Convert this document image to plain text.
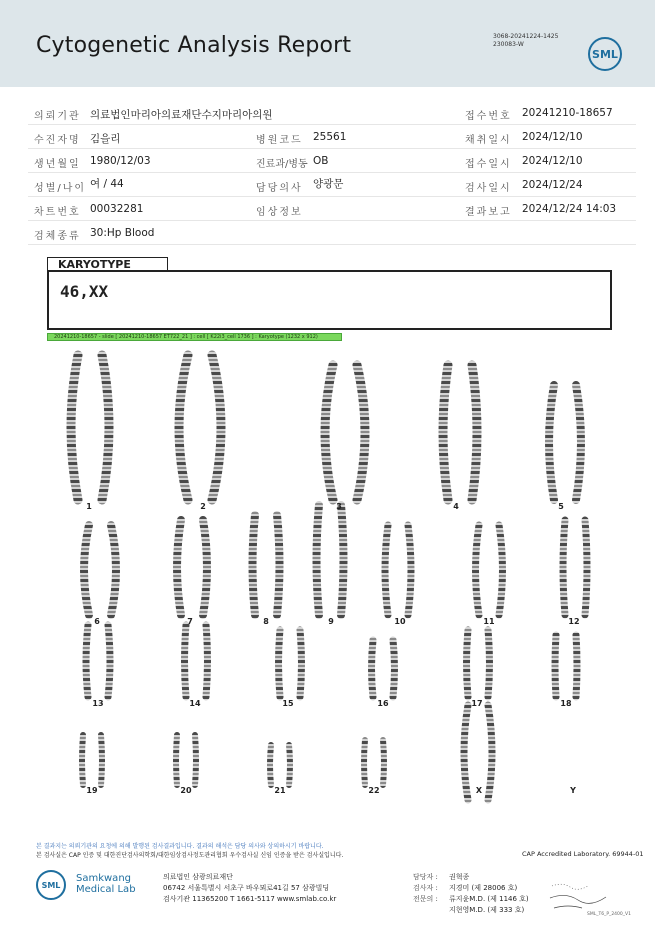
Cytogenetic Analysis Report	3068-20241224-1425
230083-W
SML
의뢰기관 의료법인마리아의료재단수지마리아의원	접수번호 20241210-18657
수진자명 김을리	병원코드 25561	채취일시 2024/12/10
생년월일 1980/12/03	진료과/병동 OB	접수일시 2024/12/10
성별/나이 여 / 44	담당의사 양광문	검사일시 2024/12/24
차트번호 00032281	임상정보	결과보고 2024/12/24 14:03
검체종류 30:Hp Blood
KARYOTYPE
46,XX
20241210-18657 - slide [ 20241210-18657 ET722_21 ] : cell [ K22i3_cell 1736 ] : Karyotype (1232 x 912)
1	2	3	4	5
6	7	8	9	10	11	12
13	14	15	16	17	18
19	20	21	22	X	Y
본 결과지는 의뢰기관의 요청에 의해 발행된 검사결과입니다. 결과의 해석은 담당 의사와 상의하시기 바랍니다.
본 검사실은 CAP 인증 및 대한진단검사의학회/대한임상검사정도관리협회 우수검사실 신임 인증을 받은 검사실입니다.	CAP Accredited Laboratory. 69944-01
SML
Samkwang
Medical Lab
의료법인 삼광의료재단
06742 서울특별시 서초구 바우뫼로41길 57 삼광빌딩
검사기관 11365200 T 1661-5117 www.smlab.co.kr
담당자 : 권혁종
검사자 : 지경미 (제 28006 호)
전문의 : 류지윤M.D. (제 1146 호)
지현영M.D. (제 333 호)
SML_T6_P_2400_V1
